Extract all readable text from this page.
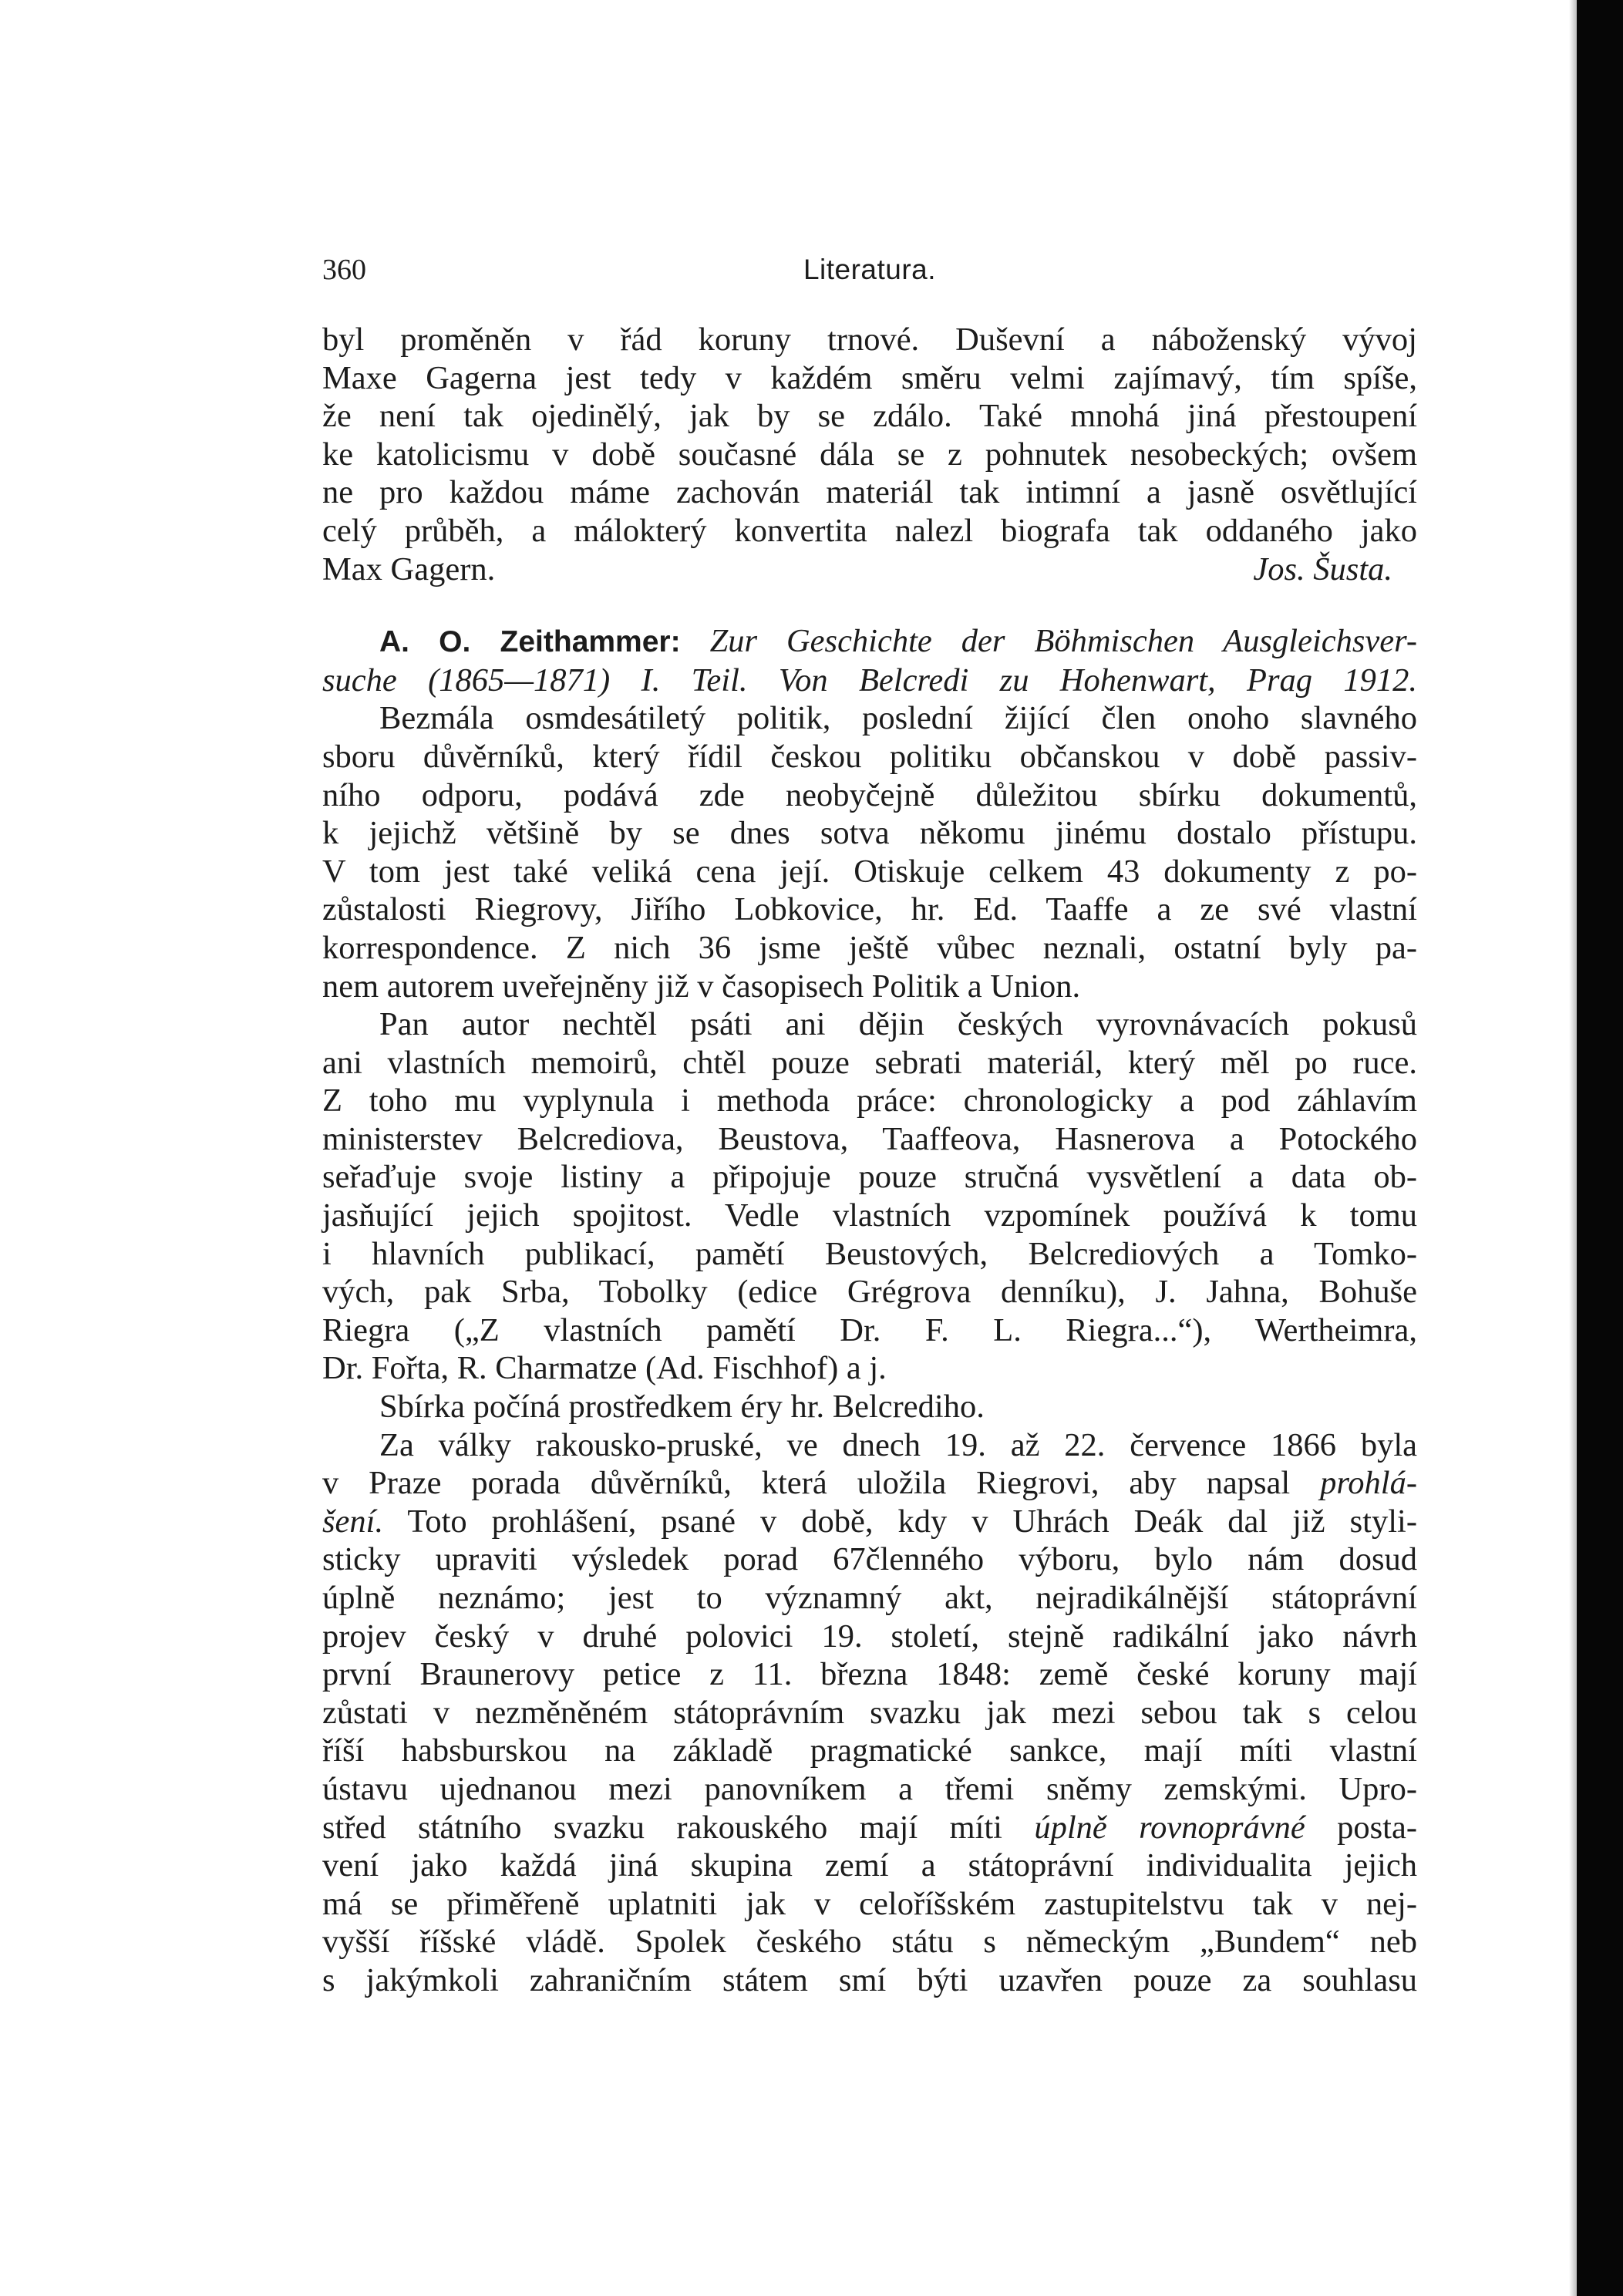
360	Literatura.
byl proměněn v řád koruny trnové. Duševní a náboženský vývoj
Maxe Gagerna jest tedy v každém směru velmi zajímavý, tím spíše,
že není tak ojedinělý, jak by se zdálo. Také mnohá jiná přestoupení
ke katolicismu v době současné dála se z pohnutek nesobeckých; ovšem
ne pro každou máme zachován materiál tak intimní a jasně osvětlující
celý průběh, a málokterý konvertita nalezl biografa tak oddaného jako
Max Gagern.	Jos. Šusta.
A. O. Zeithammer: Zur Geschichte der Böhmischen Ausgleichsver-
suche (1865—1871) I. Teil. Von Belcredi zu Hohenwart, Prag 1912.
Bezmála osmdesátiletý politik, poslední žijící člen onoho slavného
sboru důvěrníků, který řídil českou politiku občanskou v době passiv-
ního odporu, podává zde neobyčejně důležitou sbírku dokumentů,
k jejichž většině by se dnes sotva někomu jinému dostalo přístupu.
V tom jest také veliká cena její. Otiskuje celkem 43 dokumenty z po-
zůstalosti Riegrovy, Jiřího Lobkovice, hr. Ed. Taaffe a ze své vlastní
korrespondence. Z nich 36 jsme ještě vůbec neznali, ostatní byly pa-
nem autorem uveřejněny již v časopisech Politik a Union.
Pan autor nechtěl psáti ani dějin českých vyrovnávacích pokusů
ani vlastních memoirů, chtěl pouze sebrati materiál, který měl po ruce.
Z toho mu vyplynula i methoda práce: chronologicky a pod záhlavím
ministerstev Belcrediova, Beustova, Taaffeova, Hasnerova a Potockého
seřaďuje svoje listiny a připojuje pouze stručná vysvětlení a data ob-
jasňující jejich spojitost. Vedle vlastních vzpomínek používá k tomu
i hlavních publikací, pamětí Beustových, Belcrediových a Tomko-
vých, pak Srba, Tobolky (edice Grégrova denníku), J. Jahna, Bohuše
Riegra („Z vlastních pamětí Dr. F. L. Riegra...“), Wertheimra,
Dr. Fořta, R. Charmatze (Ad. Fischhof) a j.
Sbírka počíná prostředkem éry hr. Belcrediho.
Za války rakousko-pruské, ve dnech 19. až 22. července 1866 byla
v Praze porada důvěrníků, která uložila Riegrovi, aby napsal prohlá-
šení. Toto prohlášení, psané v době, kdy v Uhrách Deák dal již styli-
sticky upraviti výsledek porad 67členného výboru, bylo nám dosud
úplně neznámo; jest to významný akt, nejradikálnější státoprávní
projev český v druhé polovici 19. století, stejně radikální jako návrh
první Braunerovy petice z 11. března 1848: země české koruny mají
zůstati v nezměněném státoprávním svazku jak mezi sebou tak s celou
říší habsburskou na základě pragmatické sankce, mají míti vlastní
ústavu ujednanou mezi panovníkem a třemi sněmy zemskými. Upro-
střed státního svazku rakouského mají míti úplně rovnoprávné posta-
vení jako každá jiná skupina zemí a státoprávní individualita jejich
má se přiměřeně uplatniti jak v celoříšském zastupitelstvu tak v nej-
vyšší říšské vládě. Spolek českého státu s německým „Bundem“ neb
s jakýmkoli zahraničním státem smí býti uzavřen pouze za souhlasu
